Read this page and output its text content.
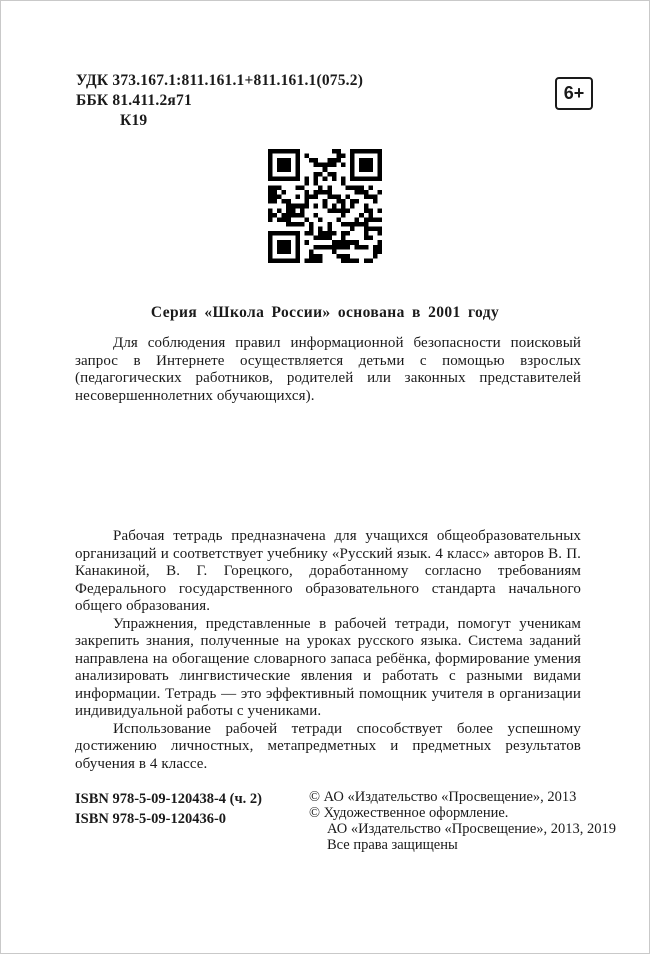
УДК 373.167.1:811.161.1+811.161.1(075.2)
ББК 81.411.2я71
К19
6+
Серия «Школа России» основана в 2001 году

Для соблюдения правил информационной безопасности поисковый запрос в Интернете осуществляется детьми с помощью взрослых (педагогических работников, родителей или законных представителей несовершеннолетних обучающихся).

Рабочая тетрадь предназначена для учащихся общеобразовательных организаций и соответствует учебнику «Русский язык. 4 класс» авторов В. П. Канакиной, В. Г. Горецкого, доработанному согласно требованиям Федерального государственного образовательного стандарта начального общего образования.

Упражнения, представленные в рабочей тетради, помогут ученикам закрепить знания, полученные на уроках русского языка. Система заданий направлена на обогащение словарного запаса ребёнка, формирование умения анализировать лингвистические явления и работать с разными видами информации. Тетрадь — это эффективный помощник учителя в организации индивидуальной работы с учениками.

Использование рабочей тетради способствует более успешному достижению личностных, метапредметных и предметных результатов обучения в 4 классе.

ISBN 978-5-09-120438-4 (ч. 2)
ISBN 978-5-09-120436-0
© АО «Издательство «Просвещение», 2013
© Художественное оформление.
АО «Издательство «Просвещение», 2013, 2019
Все права защищены
